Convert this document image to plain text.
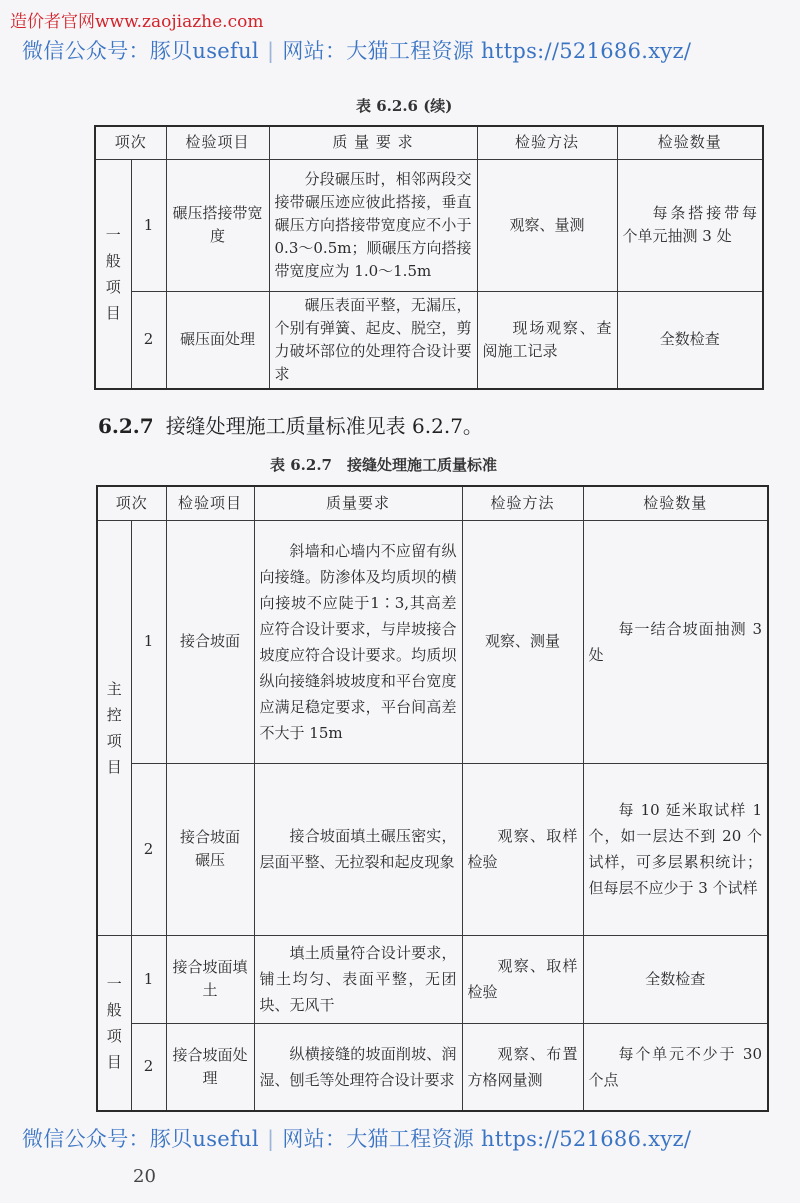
造价者官网www.zaojiazhe.com
微信公众号：豚贝useful | 网站：大猫工程资源 https://521686.xyz/
表 6.2.6 (续)
项次		检验项目	质 量 要 求	检验方法	检验数量

一般项目	1	碾压搭接带宽度	分段碾压时，相邻两段交接带碾压迹应彼此搭接，垂直碾压方向搭接带宽度应不小于 0.3～0.5m；顺碾压方向搭接带宽度应为 1.0～1.5m	观察、量测	每条搭接带每个单元抽测 3 处
	2	碾压面处理	碾压表面平整，无漏压，个别有弹簧、起皮、脱空，剪力破坏部位的处理符合设计要求	现场观察、查阅施工记录	全数检查
6.2.7 接缝处理施工质量标准见表 6.2.7。
表 6.2.7　接缝处理施工质量标准
项次		检验项目	质量要求	检验方法	检验数量

主控项目	1	接合坡面	斜墙和心墙内不应留有纵向接缝。防渗体及均质坝的横向接坡不应陡于1∶3,其高差应符合设计要求，与岸坡接合坡度应符合设计要求。均质坝纵向接缝斜坡坡度和平台宽度应满足稳定要求，平台间高差不大于 15m	观察、测量	每一结合坡面抽测 3 处
	2	接合坡面碾压	接合坡面填土碾压密实，层面平整、无拉裂和起皮现象	观察、取样检验	每 10 延米取试样 1 个，如一层达不到 20 个试样，可多层累积统计；但每层不应少于 3 个试样

一般项目	1	接合坡面填土	填土质量符合设计要求，铺土均匀、表面平整，无团块、无风干	观察、取样检验	全数检查
	2	接合坡面处理	纵横接缝的坡面削坡、润湿、刨毛等处理符合设计要求	观察、布置方格网量测	每个单元不少于 30 个点
微信公众号：豚贝useful | 网站：大猫工程资源 https://521686.xyz/
20
